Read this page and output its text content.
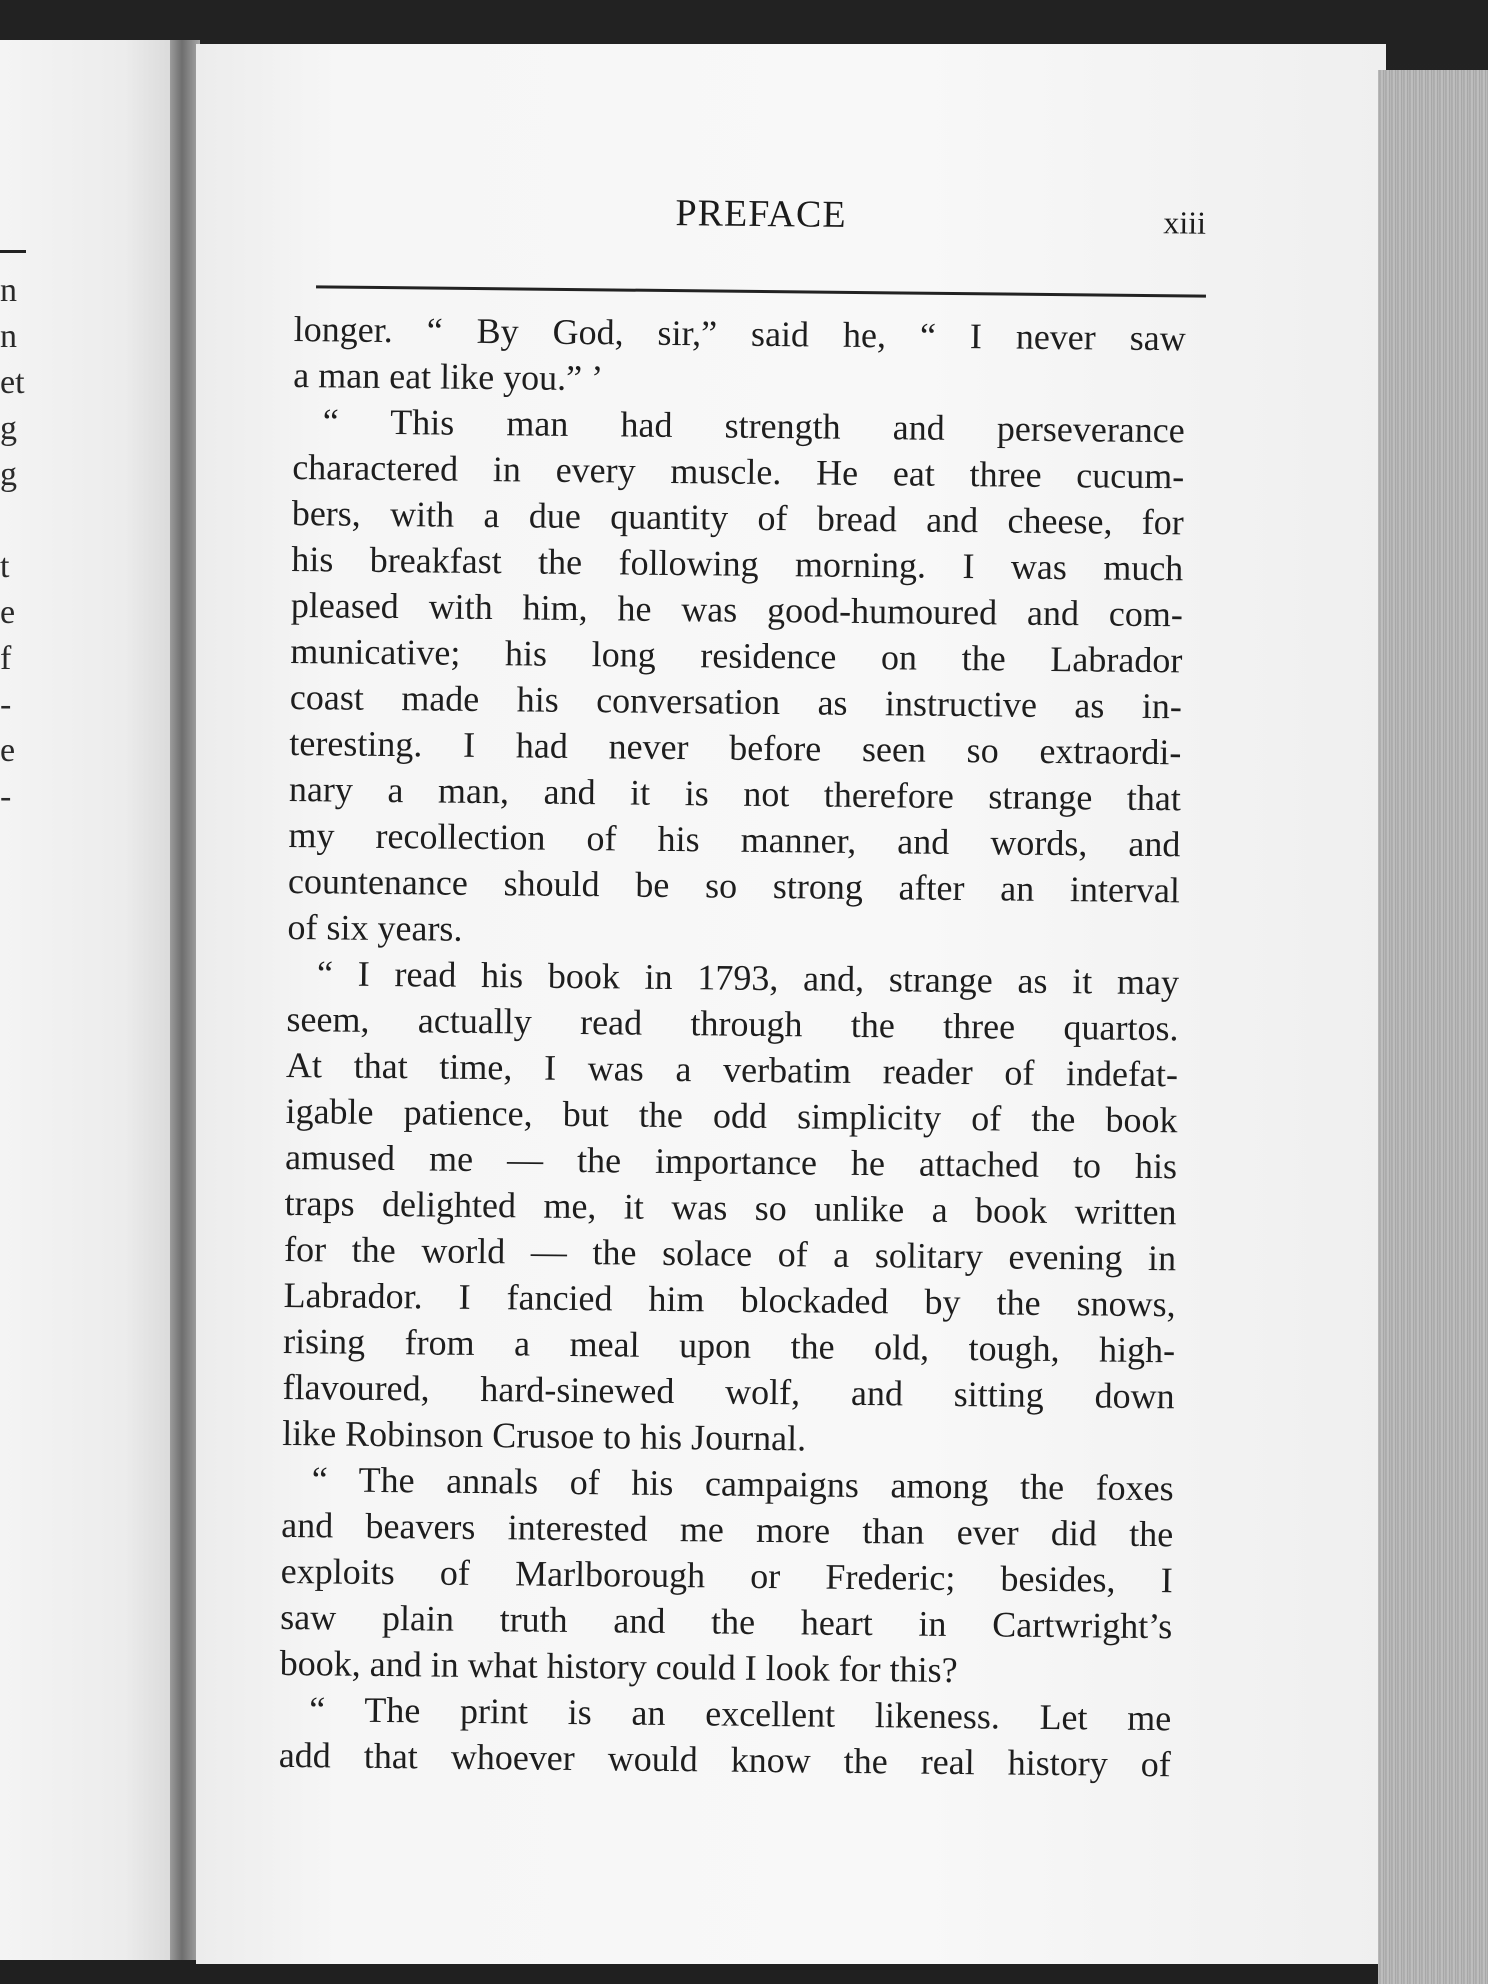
n
n
et
g
g
t
e
f
-
e
-
PREFACE	xiii
longer. “ By God, sir,” said he, “ I never saw
a man eat like you.” ’
“ This man had strength and perseverance
charactered in every muscle. He eat three cucum-
bers, with a due quantity of bread and cheese, for
his breakfast the following morning. I was much
pleased with him, he was good-humoured and com-
municative; his long residence on the Labrador
coast made his conversation as instructive as in-
teresting. I had never before seen so extraordi-
nary a man, and it is not therefore strange that
my recollection of his manner, and words, and
countenance should be so strong after an interval
of six years.
“ I read his book in 1793, and, strange as it may
seem, actually read through the three quartos.
At that time, I was a verbatim reader of indefat-
igable patience, but the odd simplicity of the book
amused me — the importance he attached to his
traps delighted me, it was so unlike a book written
for the world — the solace of a solitary evening in
Labrador. I fancied him blockaded by the snows,
rising from a meal upon the old, tough, high-
flavoured, hard-sinewed wolf, and sitting down
like Robinson Crusoe to his Journal.
“ The annals of his campaigns among the foxes
and beavers interested me more than ever did the
exploits of Marlborough or Frederic; besides, I
saw plain truth and the heart in Cartwright’s
book, and in what history could I look for this?
“ The print is an excellent likeness. Let me
add that whoever would know the real history of
